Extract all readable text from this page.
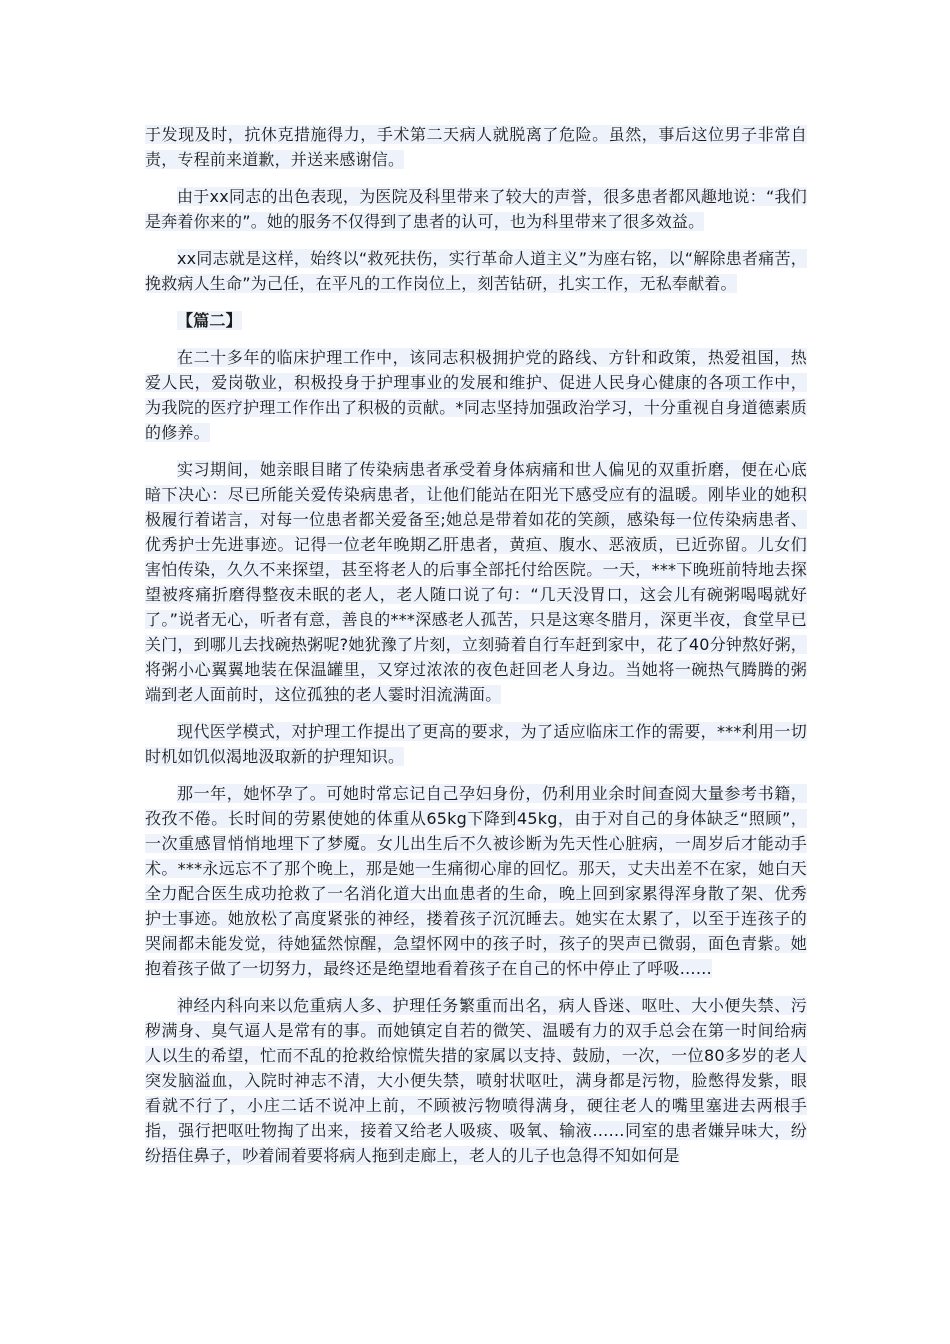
于发现及时，抗休克措施得力，手术第二天病人就脱离了危险。虽然，事后这位男子非常自责，专程前来道歉，并送来感谢信。

由于xx同志的出色表现，为医院及科里带来了较大的声誉，很多患者都风趣地说：“我们是奔着你来的”。她的服务不仅得到了患者的认可，也为科里带来了很多效益。

xx同志就是这样，始终以“救死扶伤，实行革命人道主义”为座右铭，以“解除患者痛苦，挽救病人生命”为己任，在平凡的工作岗位上，刻苦钻研，扎实工作，无私奉献着。

【篇二】

在二十多年的临床护理工作中，该同志积极拥护党的路线、方针和政策，热爱祖国，热爱人民，爱岗敬业，积极投身于护理事业的发展和维护、促进人民身心健康的各项工作中，为我院的医疗护理工作作出了积极的贡献。*同志坚持加强政治学习，十分重视自身道德素质的修养。

实习期间，她亲眼目睹了传染病患者承受着身体病痛和世人偏见的双重折磨，便在心底暗下决心：尽已所能关爱传染病患者，让他们能站在阳光下感受应有的温暖。刚毕业的她积极履行着诺言，对每一位患者都关爱备至;她总是带着如花的笑颜，感染每一位传染病患者、优秀护士先进事迹。记得一位老年晚期乙肝患者，黄疸、腹水、恶液质，已近弥留。儿女们害怕传染，久久不来探望，甚至将老人的后事全部托付给医院。一天，***下晚班前特地去探望被疼痛折磨得整夜未眠的老人，老人随口说了句：“几天没胃口，这会儿有碗粥喝喝就好了。”说者无心，听者有意，善良的***深感老人孤苦，只是这寒冬腊月，深更半夜，食堂早已关门，到哪儿去找碗热粥呢?她犹豫了片刻，立刻骑着自行车赶到家中，花了40分钟熬好粥，将粥小心翼翼地装在保温罐里，又穿过浓浓的夜色赶回老人身边。当她将一碗热气腾腾的粥端到老人面前时，这位孤独的老人霎时泪流满面。

现代医学模式，对护理工作提出了更高的要求，为了适应临床工作的需要，***利用一切时机如饥似渴地汲取新的护理知识。

那一年，她怀孕了。可她时常忘记自己孕妇身份，仍利用业余时间查阅大量参考书籍，孜孜不倦。长时间的劳累使她的体重从65kg下降到45kg，由于对自己的身体缺乏“照顾”，一次重感冒悄悄地埋下了梦魇。女儿出生后不久被诊断为先天性心脏病，一周岁后才能动手术。***永远忘不了那个晚上，那是她一生痛彻心扉的回忆。那天，丈夫出差不在家，她白天全力配合医生成功抢救了一名消化道大出血患者的生命，晚上回到家累得浑身散了架、优秀护士事迹。她放松了高度紧张的神经，搂着孩子沉沉睡去。她实在太累了，以至于连孩子的哭闹都未能发觉，待她猛然惊醒，急望怀网中的孩子时，孩子的哭声已微弱，面色青紫。她抱着孩子做了一切努力，最终还是绝望地看着孩子在自己的怀中停止了呼吸……

神经内科向来以危重病人多、护理任务繁重而出名，病人昏迷、呕吐、大小便失禁、污秽满身、臭气逼人是常有的事。而她镇定自若的微笑、温暖有力的双手总会在第一时间给病人以生的希望，忙而不乱的抢救给惊慌失措的家属以支持、鼓励，一次，一位80多岁的老人突发脑溢血，入院时神志不清，大小便失禁，喷射状呕吐，满身都是污物，脸憋得发紫，眼看就不行了，小庄二话不说冲上前，不顾被污物喷得满身，硬往老人的嘴里塞进去两根手指，强行把呕吐物掏了出来，接着又给老人吸痰、吸氧、输液……同室的患者嫌异味大，纷纷捂住鼻子，吵着闹着要将病人拖到走廊上，老人的儿子也急得不知如何是
